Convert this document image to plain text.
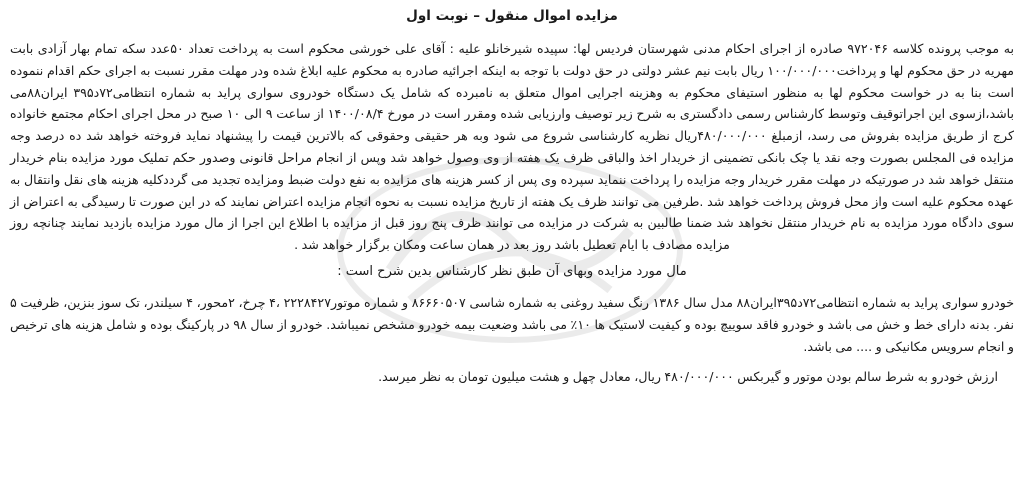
مزایده اموال منقول – نوبت اول

به موجب پرونده کلاسه ۹۷۲۰۴۶ صادره از اجرای احکام مدنی شهرستان فردیس لها: سپیده شیرخانلو علیه : آقای علی خورشی محکوم است به پرداخت تعداد ۵۰عدد سکه تمام بهار آزادی بابت مهریه در حق محکوم لها و پرداخت۱۰۰/۰۰۰/۰۰۰ ریال بابت نیم عشر دولتی در حق دولت با توجه به اینکه اجرائیه صادره به محکوم علیه ابلاغ شده ودر مهلت مقرر نسبت به اجرای حکم اقدام ننموده است بنا به در خواست محکوم لها به منظور استیفای محکوم به وهزینه اجرایی اموال متعلق به نامبرده که شامل یک دستگاه خودروی سواری پراید به شماره انتظامی۷۲د۳۹۵ ایران۸۸می باشد،ازسوی این اجراتوقیف وتوسط کارشناس رسمی دادگستری به شرح زیر توصیف وارزیابی شده ومقرر است در مورخ ۱۴۰۰/۰۸/۴ از ساعت ۹ الی ۱۰ صبح در محل اجرای احکام مجتمع خانواده کرج از طریق مزایده بفروش می رسد، ازمبلغ ۴۸۰/۰۰۰/۰۰۰ریال نظریه کارشناسی شروع می شود وبه هر حقیقی وحقوقی که بالاترین قیمت را پیشنهاد نماید فروخته خواهد شد ده درصد وجه مزایده فی المجلس بصورت وجه نقد یا چک بانکی تضمینی از خریدار اخذ والباقی ظرف یک هفته از وی وصول خواهد شد وپس از انجام مراحل قانونی وصدور حکم تملیک مورد مزایده بنام خریدار منتقل خواهد شد در صورتیکه در مهلت مقرر خریدار وجه مزایده را پرداخت ننماید سپرده وی پس از کسر هزینه های مزایده به نفع دولت ضبط ومزایده تجدید می گرددکلیه هزینه های نقل وانتقال به عهده محکوم علیه است واز محل فروش پرداخت خواهد شد .طرفین می توانند ظرف یک هفته از تاریخ مزایده نسبت به نحوه انجام مزایده اعتراض نمایند که در این صورت تا رسیدگی به اعتراض از سوی دادگاه مورد مزایده به نام خریدار منتقل نخواهد شد ضمنا طالبین به شرکت در مزایده می توانند ظرف پنج روز قبل از مزایده با اطلاع این اجرا از مال مورد مزایده بازدید نمایند چنانچه روز مزایده مصادف با ایام تعطیل باشد روز بعد در همان ساعت ومکان برگزار خواهد شد .

مال مورد مزایده وبهای آن طبق نظر کارشناس بدین شرح است :

خودرو سواری پراید به شماره انتظامی۷۲د۳۹۵ایران۸۸ مدل سال ۱۳۸۶ رنگ سفید روغنی به شماره شاسی ۸۶۶۶۰۵۰۷ و شماره موتور۲۲۲۸۴۲۷ ،۴ چرخ، ۲محور، ۴ سیلندر، تک سوز بنزین، ظرفیت ۵ نفر. بدنه دارای خط و خش می باشد و خودرو فاقد سوییچ بوده و کیفیت لاستیک ها ۱۰٪ می باشد وضعیت بیمه خودرو مشخص نمیباشد. خودرو از سال ۹۸ در پارکینگ بوده و شامل هزینه های ترخیص و انجام سرویس مکانیکی و .... می باشد.

ارزش خودرو به شرط سالم بودن موتور و گیربکس ۴۸۰/۰۰۰/۰۰۰ ریال، معادل چهل و هشت میلیون تومان به نظر میرسد.
